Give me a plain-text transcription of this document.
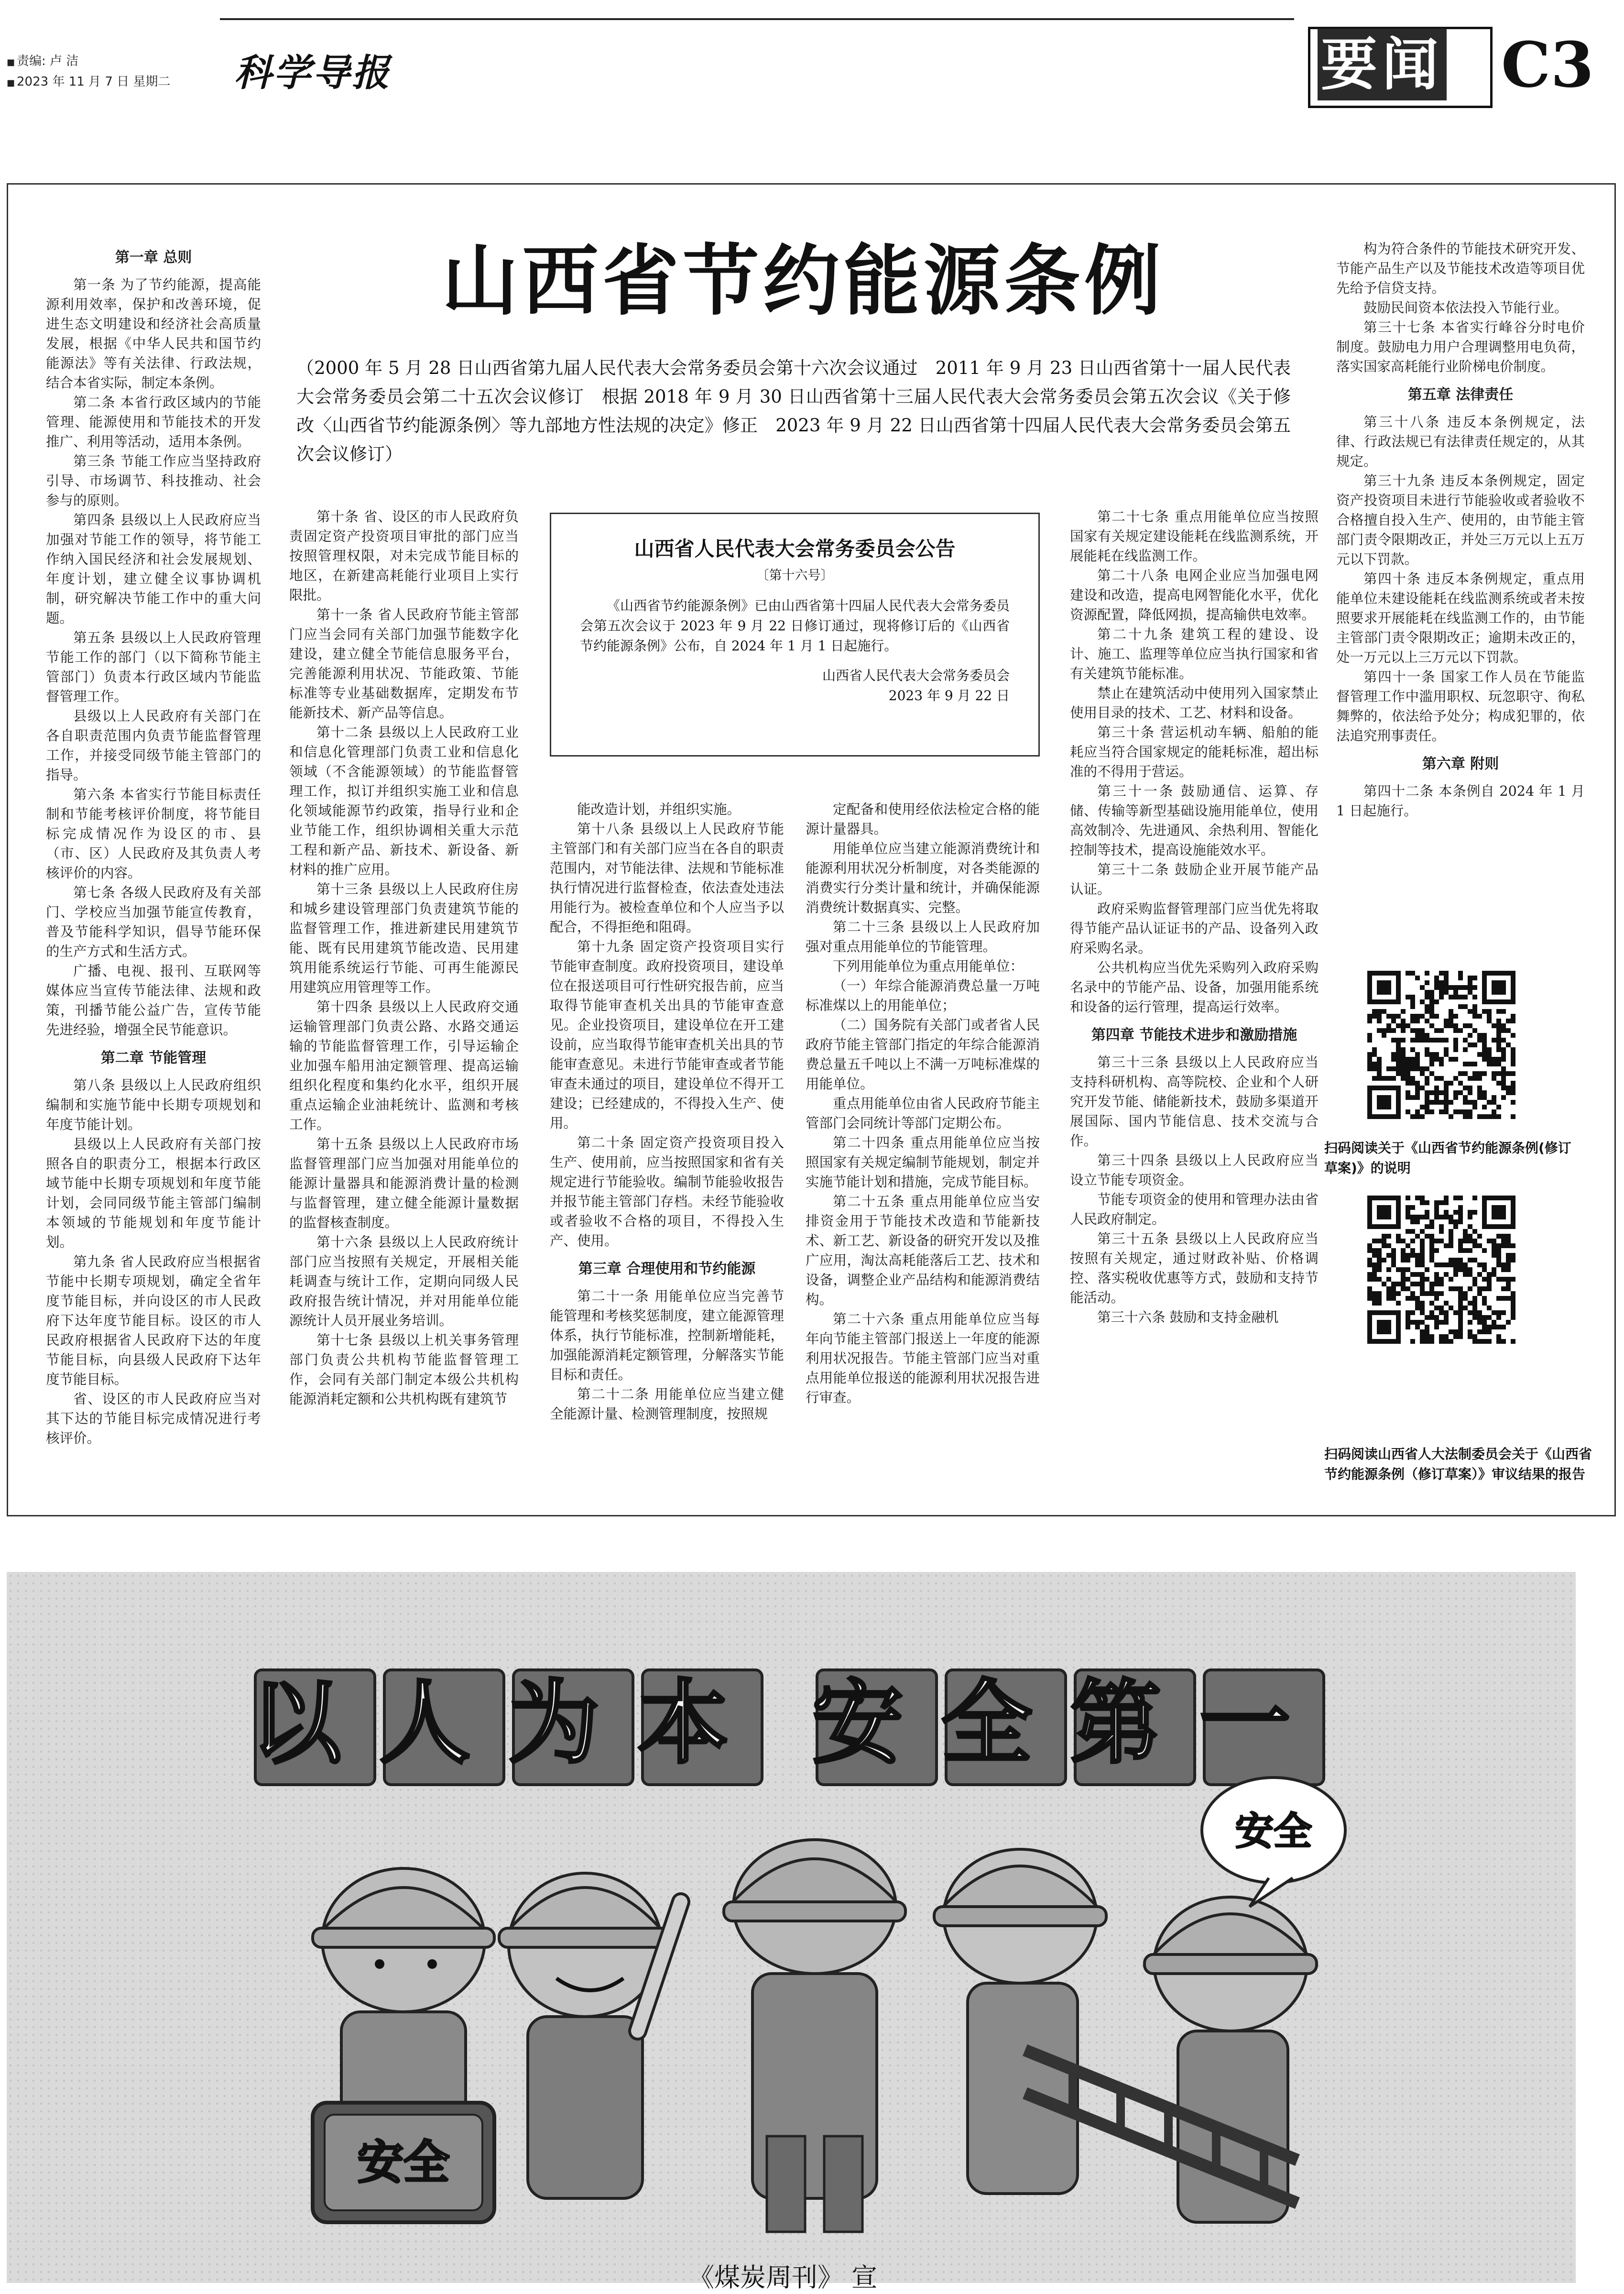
■ 责编: 卢 洁
■ 2023 年 11 月 7 日 星期二 科学导报	要闻 C3
山西省节约能源条例
（2000 年 5 月 28 日山西省第九届人民代表大会常务委员会第十六次会议通过　2011 年 9 月 23 日山西省第十一届人民代表大会常务委员会第二十五次会议修订　根据 2018 年 9 月 30 日山西省第十三届人民代表大会常务委员会第五次会议《关于修改〈山西省节约能源条例〉等九部地方性法规的决定》修正　2023 年 9 月 22 日山西省第十四届人民代表大会常务委员会第五次会议修订）
山西省人民代表大会常务委员会公告
〔第十六号〕
《山西省节约能源条例》已由山西省第十四届人民代表大会常务委员会第五次会议于 2023 年 9 月 22 日修订通过，现将修订后的《山西省节约能源条例》公布，自 2024 年 1 月 1 日起施行。
山西省人民代表大会常务委员会
2023 年 9 月 22 日
第一章 总则

第一条 为了节约能源，提高能源利用效率，保护和改善环境，促进生态文明建设和经济社会高质量发展，根据《中华人民共和国节约能源法》等有关法律、行政法规，结合本省实际，制定本条例。

第二条 本省行政区域内的节能管理、能源使用和节能技术的开发推广、利用等活动，适用本条例。

第三条 节能工作应当坚持政府引导、市场调节、科技推动、社会参与的原则。

第四条 县级以上人民政府应当加强对节能工作的领导，将节能工作纳入国民经济和社会发展规划、年度计划，建立健全议事协调机制，研究解决节能工作中的重大问题。

第五条 县级以上人民政府管理节能工作的部门（以下简称节能主管部门）负责本行政区域内节能监督管理工作。

县级以上人民政府有关部门在各自职责范围内负责节能监督管理工作，并接受同级节能主管部门的指导。

第六条 本省实行节能目标责任制和节能考核评价制度，将节能目标完成情况作为设区的市、县（市、区）人民政府及其负责人考核评价的内容。

第七条 各级人民政府及有关部门、学校应当加强节能宣传教育，普及节能科学知识，倡导节能环保的生产方式和生活方式。

广播、电视、报刊、互联网等媒体应当宣传节能法律、法规和政策，刊播节能公益广告，宣传节能先进经验，增强全民节能意识。

第二章 节能管理

第八条 县级以上人民政府组织编制和实施节能中长期专项规划和年度节能计划。

县级以上人民政府有关部门按照各自的职责分工，根据本行政区域节能中长期专项规划和年度节能计划，会同同级节能主管部门编制本领域的节能规划和年度节能计划。

第九条 省人民政府应当根据省节能中长期专项规划，确定全省年度节能目标，并向设区的市人民政府下达年度节能目标。设区的市人民政府根据省人民政府下达的年度节能目标，向县级人民政府下达年度节能目标。

省、设区的市人民政府应当对其下达的节能目标完成情况进行考核评价。

第十条 省、设区的市人民政府负责固定资产投资项目审批的部门应当按照管理权限，对未完成节能目标的地区，在新建高耗能行业项目上实行限批。

第十一条 省人民政府节能主管部门应当会同有关部门加强节能数字化建设，建立健全节能信息服务平台，完善能源利用状况、节能政策、节能标准等专业基础数据库，定期发布节能新技术、新产品等信息。

第十二条 县级以上人民政府工业和信息化管理部门负责工业和信息化领域（不含能源领域）的节能监督管理工作，拟订并组织实施工业和信息化领域能源节约政策，指导行业和企业节能工作，组织协调相关重大示范工程和新产品、新技术、新设备、新材料的推广应用。

第十三条 县级以上人民政府住房和城乡建设管理部门负责建筑节能的监督管理工作，推进新建民用建筑节能、既有民用建筑节能改造、民用建筑用能系统运行节能、可再生能源民用建筑应用管理等工作。

第十四条 县级以上人民政府交通运输管理部门负责公路、水路交通运输的节能监督管理工作，引导运输企业加强车船用油定额管理、提高运输组织化程度和集约化水平，组织开展重点运输企业油耗统计、监测和考核工作。

第十五条 县级以上人民政府市场监督管理部门应当加强对用能单位的能源计量器具和能源消费计量的检测与监督管理，建立健全能源计量数据的监督核查制度。

第十六条 县级以上人民政府统计部门应当按照有关规定，开展相关能耗调查与统计工作，定期向同级人民政府报告统计情况，并对用能单位能源统计人员开展业务培训。

第十七条 县级以上机关事务管理部门负责公共机构节能监督管理工作，会同有关部门制定本级公共机构能源消耗定额和公共机构既有建筑节

能改造计划，并组织实施。

第十八条 县级以上人民政府节能主管部门和有关部门应当在各自的职责范围内，对节能法律、法规和节能标准执行情况进行监督检查，依法查处违法用能行为。被检查单位和个人应当予以配合，不得拒绝和阻碍。

第十九条 固定资产投资项目实行节能审查制度。政府投资项目，建设单位在报送项目可行性研究报告前，应当取得节能审查机关出具的节能审查意见。企业投资项目，建设单位在开工建设前，应当取得节能审查机关出具的节能审查意见。未进行节能审查或者节能审查未通过的项目，建设单位不得开工建设；已经建成的，不得投入生产、使用。

第二十条 固定资产投资项目投入生产、使用前，应当按照国家和省有关规定进行节能验收。编制节能验收报告并报节能主管部门存档。未经节能验收或者验收不合格的项目，不得投入生产、使用。

第三章 合理使用和节约能源

第二十一条 用能单位应当完善节能管理和考核奖惩制度，建立能源管理体系，执行节能标准，控制新增能耗，加强能源消耗定额管理，分解落实节能目标和责任。

第二十二条 用能单位应当建立健全能源计量、检测管理制度，按照规

定配备和使用经依法检定合格的能源计量器具。

用能单位应当建立能源消费统计和能源利用状况分析制度，对各类能源的消费实行分类计量和统计，并确保能源消费统计数据真实、完整。

第二十三条 县级以上人民政府加强对重点用能单位的节能管理。

下列用能单位为重点用能单位：

（一）年综合能源消费总量一万吨标准煤以上的用能单位；

（二）国务院有关部门或者省人民政府节能主管部门指定的年综合能源消费总量五千吨以上不满一万吨标准煤的用能单位。

重点用能单位由省人民政府节能主管部门会同统计等部门定期公布。

第二十四条 重点用能单位应当按照国家有关规定编制节能规划，制定并实施节能计划和措施，完成节能目标。

第二十五条 重点用能单位应当安排资金用于节能技术改造和节能新技术、新工艺、新设备的研究开发以及推广应用，淘汰高耗能落后工艺、技术和设备，调整企业产品结构和能源消费结构。

第二十六条 重点用能单位应当每年向节能主管部门报送上一年度的能源利用状况报告。节能主管部门应当对重点用能单位报送的能源利用状况报告进行审查。

第二十七条 重点用能单位应当按照国家有关规定建设能耗在线监测系统，开展能耗在线监测工作。

第二十八条 电网企业应当加强电网建设和改造，提高电网智能化水平，优化资源配置，降低网损，提高输供电效率。

第二十九条 建筑工程的建设、设计、施工、监理等单位应当执行国家和省有关建筑节能标准。

禁止在建筑活动中使用列入国家禁止使用目录的技术、工艺、材料和设备。

第三十条 营运机动车辆、船舶的能耗应当符合国家规定的能耗标准，超出标准的不得用于营运。

第三十一条 鼓励通信、运算、存储、传输等新型基础设施用能单位，使用高效制冷、先进通风、余热利用、智能化控制等技术，提高设施能效水平。

第三十二条 鼓励企业开展节能产品认证。

政府采购监督管理部门应当优先将取得节能产品认证证书的产品、设备列入政府采购名录。

公共机构应当优先采购列入政府采购名录中的节能产品、设备，加强用能系统和设备的运行管理，提高运行效率。

第四章 节能技术进步和激励措施

第三十三条 县级以上人民政府应当支持科研机构、高等院校、企业和个人研究开发节能、储能新技术，鼓励多渠道开展国际、国内节能信息、技术交流与合作。

第三十四条 县级以上人民政府应当设立节能专项资金。

节能专项资金的使用和管理办法由省人民政府制定。

第三十五条 县级以上人民政府应当按照有关规定，通过财政补贴、价格调控、落实税收优惠等方式，鼓励和支持节能活动。

第三十六条 鼓励和支持金融机

构为符合条件的节能技术研究开发、节能产品生产以及节能技术改造等项目优先给予信贷支持。

鼓励民间资本依法投入节能行业。

第三十七条 本省实行峰谷分时电价制度。鼓励电力用户合理调整用电负荷，落实国家高耗能行业阶梯电价制度。

第五章 法律责任

第三十八条 违反本条例规定，法律、行政法规已有法律责任规定的，从其规定。

第三十九条 违反本条例规定，固定资产投资项目未进行节能验收或者验收不合格擅自投入生产、使用的，由节能主管部门责令限期改正，并处三万元以上五万元以下罚款。

第四十条 违反本条例规定，重点用能单位未建设能耗在线监测系统或者未按照要求开展能耗在线监测工作的，由节能主管部门责令限期改正；逾期未改正的，处一万元以上三万元以下罚款。

第四十一条 国家工作人员在节能监督管理工作中滥用职权、玩忽职守、徇私舞弊的，依法给予处分；构成犯罪的，依法追究刑事责任。

第六章 附则

第四十二条 本条例自 2024 年 1 月 1 日起施行。

扫码阅读关于《山西省节约能源条例(修订草案)》的说明
扫码阅读山西省人大法制委员会关于《山西省节约能源条例（修订草案）》审议结果的报告
以人为本 安全第一
安全
安全
《煤炭周刊》 宣
